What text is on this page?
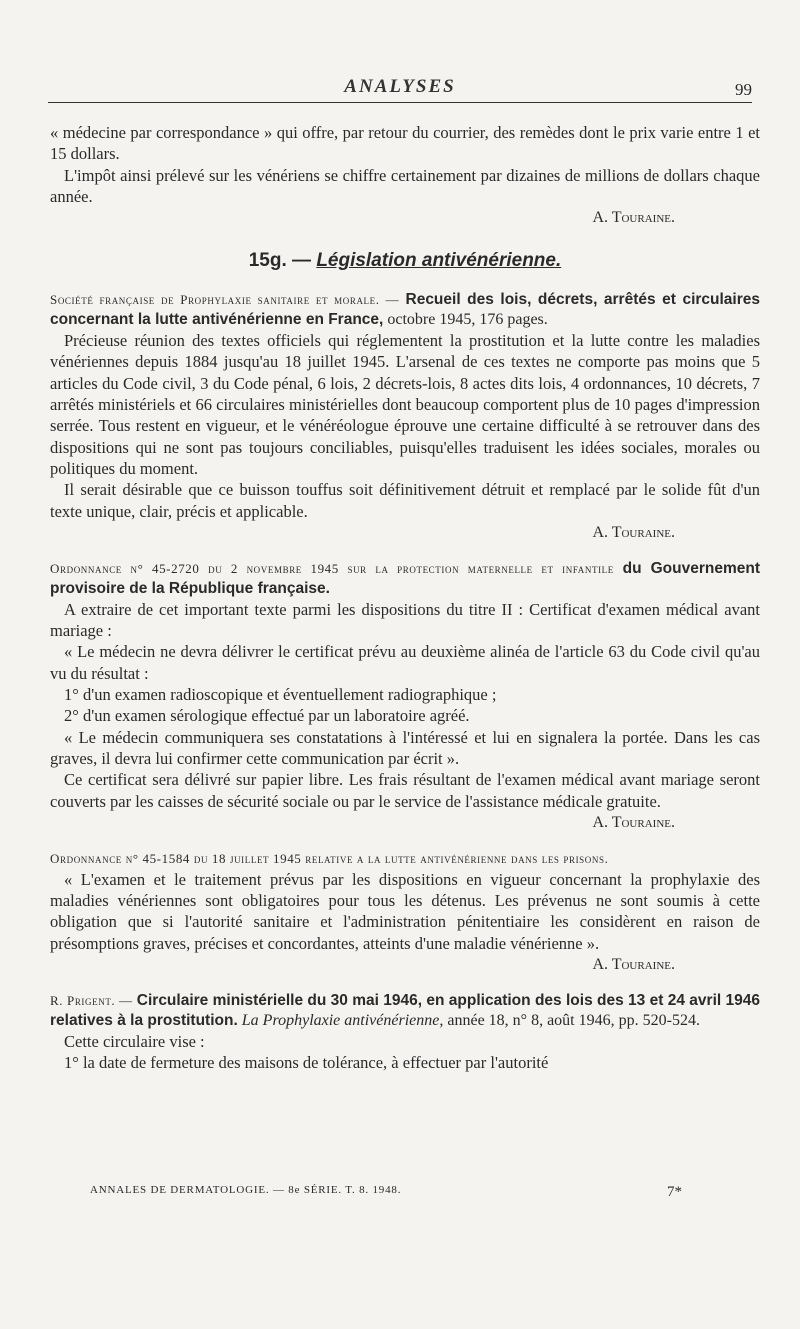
ANALYSES	99

« médecine par correspondance » qui offre, par retour du courrier, des remèdes dont le prix varie entre 1 et 15 dollars.

L'impôt ainsi prélevé sur les vénériens se chiffre certainement par dizaines de millions de dollars chaque année.

A. Touraine.

15g. — Législation antivénérienne.
Société française de Prophylaxie sanitaire et morale. — Recueil des lois, décrets, arrêtés et circulaires concernant la lutte antivénérienne en France, octobre 1945, 176 pages.

Précieuse réunion des textes officiels qui réglementent la prostitution et la lutte contre les maladies vénériennes depuis 1884 jusqu'au 18 juillet 1945. L'arsenal de ces textes ne comporte pas moins que 5 articles du Code civil, 3 du Code pénal, 6 lois, 2 décrets-lois, 8 actes dits lois, 4 ordonnances, 10 décrets, 7 arrêtés ministériels et 66 circulaires ministérielles dont beaucoup comportent plus de 10 pages d'impression serrée. Tous restent en vigueur, et le vénéréologue éprouve une certaine difficulté à se retrouver dans des dispositions qui ne sont pas toujours conciliables, puisqu'elles traduisent les idées sociales, morales ou politiques du moment.

Il serait désirable que ce buisson touffus soit définitivement détruit et remplacé par le solide fût d'un texte unique, clair, précis et applicable.

A. Touraine.

Ordonnance n° 45-2720 du 2 novembre 1945 sur la protection maternelle et infantile du Gouvernement provisoire de la République française.

A extraire de cet important texte parmi les dispositions du titre II : Certificat d'examen médical avant mariage :

« Le médecin ne devra délivrer le certificat prévu au deuxième alinéa de l'article 63 du Code civil qu'au vu du résultat :

1° d'un examen radioscopique et éventuellement radiographique ;

2° d'un examen sérologique effectué par un laboratoire agréé.

« Le médecin communiquera ses constatations à l'intéressé et lui en signalera la portée. Dans les cas graves, il devra lui confirmer cette communication par écrit ».

Ce certificat sera délivré sur papier libre. Les frais résultant de l'examen médical avant mariage seront couverts par les caisses de sécurité sociale ou par le service de l'assistance médicale gratuite.

A. Touraine.

Ordonnance n° 45-1584 du 18 juillet 1945 relative a la lutte antivénérienne dans les prisons.

« L'examen et le traitement prévus par les dispositions en vigueur concernant la prophylaxie des maladies vénériennes sont obligatoires pour tous les détenus. Les prévenus ne sont soumis à cette obligation que si l'autorité sanitaire et l'administration pénitentiaire les considèrent en raison de présomptions graves, précises et concordantes, atteints d'une maladie vénérienne ».

A. Touraine.

R. Prigent. — Circulaire ministérielle du 30 mai 1946, en application des lois des 13 et 24 avril 1946 relatives à la prostitution. La Prophylaxie antivénérienne, année 18, n° 8, août 1946, pp. 520-524.

Cette circulaire vise :

1° la date de fermeture des maisons de tolérance, à effectuer par l'autorité

ANNALES DE DERMATOLOGIE. — 8e SÉRIE. T. 8. 1948.	7*
